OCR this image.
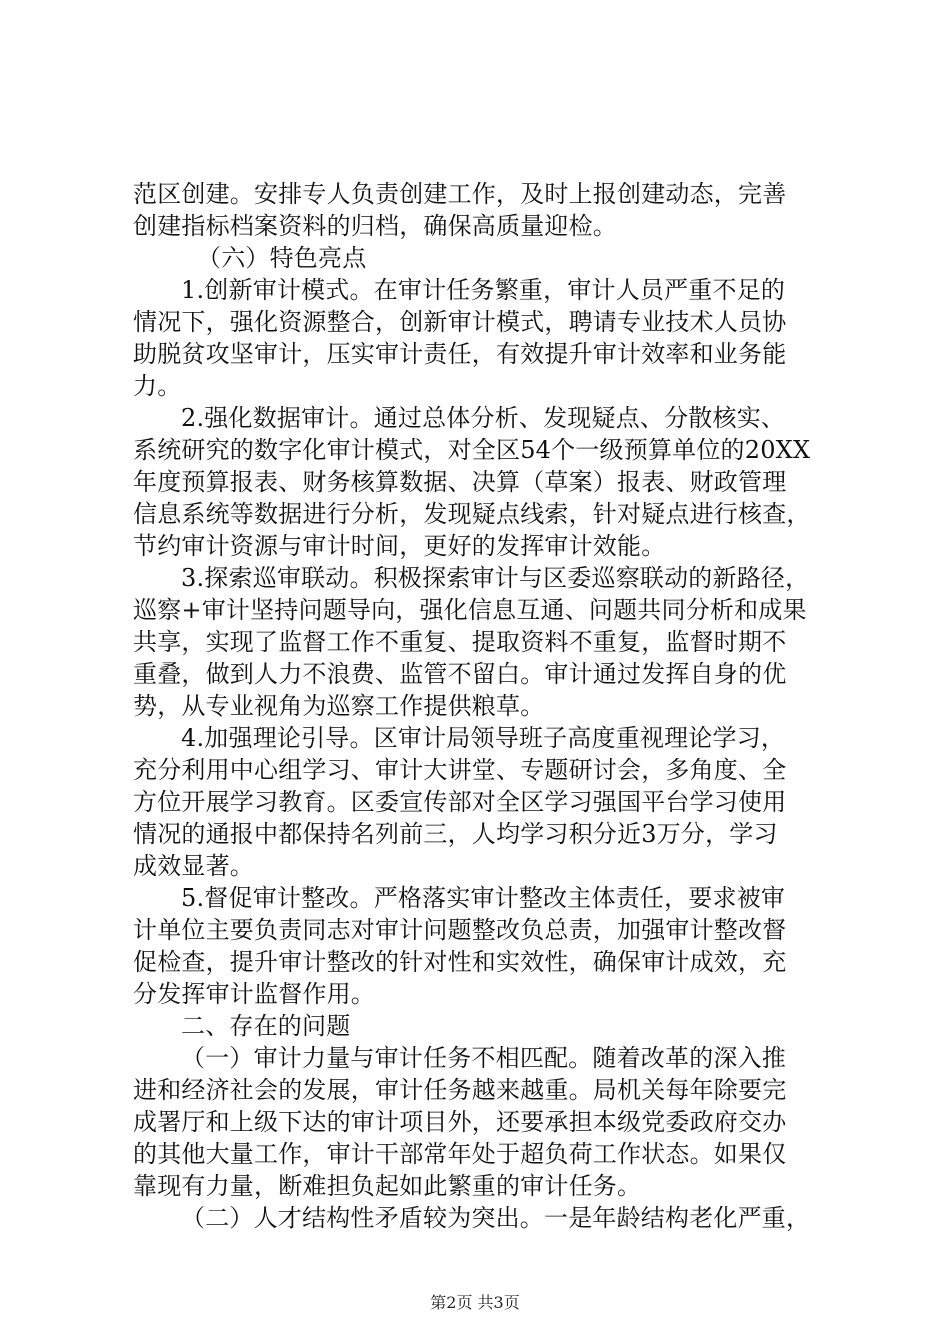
范区创建。安排专人负责创建工作，及时上报创建动态，完善
创建指标档案资料的归档，确保高质量迎检。
（六）特色亮点
1.创新审计模式。在审计任务繁重，审计人员严重不足的
情况下，强化资源整合，创新审计模式，聘请专业技术人员协
助脱贫攻坚审计，压实审计责任，有效提升审计效率和业务能
力。
2.强化数据审计。通过总体分析、发现疑点、分散核实、
系统研究的数字化审计模式，对全区54个一级预算单位的20XX
年度预算报表、财务核算数据、决算（草案）报表、财政管理
信息系统等数据进行分析，发现疑点线索，针对疑点进行核查，
节约审计资源与审计时间，更好的发挥审计效能。
3.探索巡审联动。积极探索审计与区委巡察联动的新路径，
巡察+审计坚持问题导向，强化信息互通、问题共同分析和成果
共享，实现了监督工作不重复、提取资料不重复，监督时期不
重叠，做到人力不浪费、监管不留白。审计通过发挥自身的优
势，从专业视角为巡察工作提供粮草。
4.加强理论引导。区审计局领导班子高度重视理论学习，
充分利用中心组学习、审计大讲堂、专题研讨会，多角度、全
方位开展学习教育。区委宣传部对全区学习强国平台学习使用
情况的通报中都保持名列前三，人均学习积分近3万分，学习
成效显著。
5.督促审计整改。严格落实审计整改主体责任，要求被审
计单位主要负责同志对审计问题整改负总责，加强审计整改督
促检查，提升审计整改的针对性和实效性，确保审计成效，充
分发挥审计监督作用。
二、存在的问题
（一）审计力量与审计任务不相匹配。随着改革的深入推
进和经济社会的发展，审计任务越来越重。局机关每年除要完
成署厅和上级下达的审计项目外，还要承担本级党委政府交办
的其他大量工作，审计干部常年处于超负荷工作状态。如果仅
靠现有力量，断难担负起如此繁重的审计任务。
（二）人才结构性矛盾较为突出。一是年龄结构老化严重，
第2页 共3页
